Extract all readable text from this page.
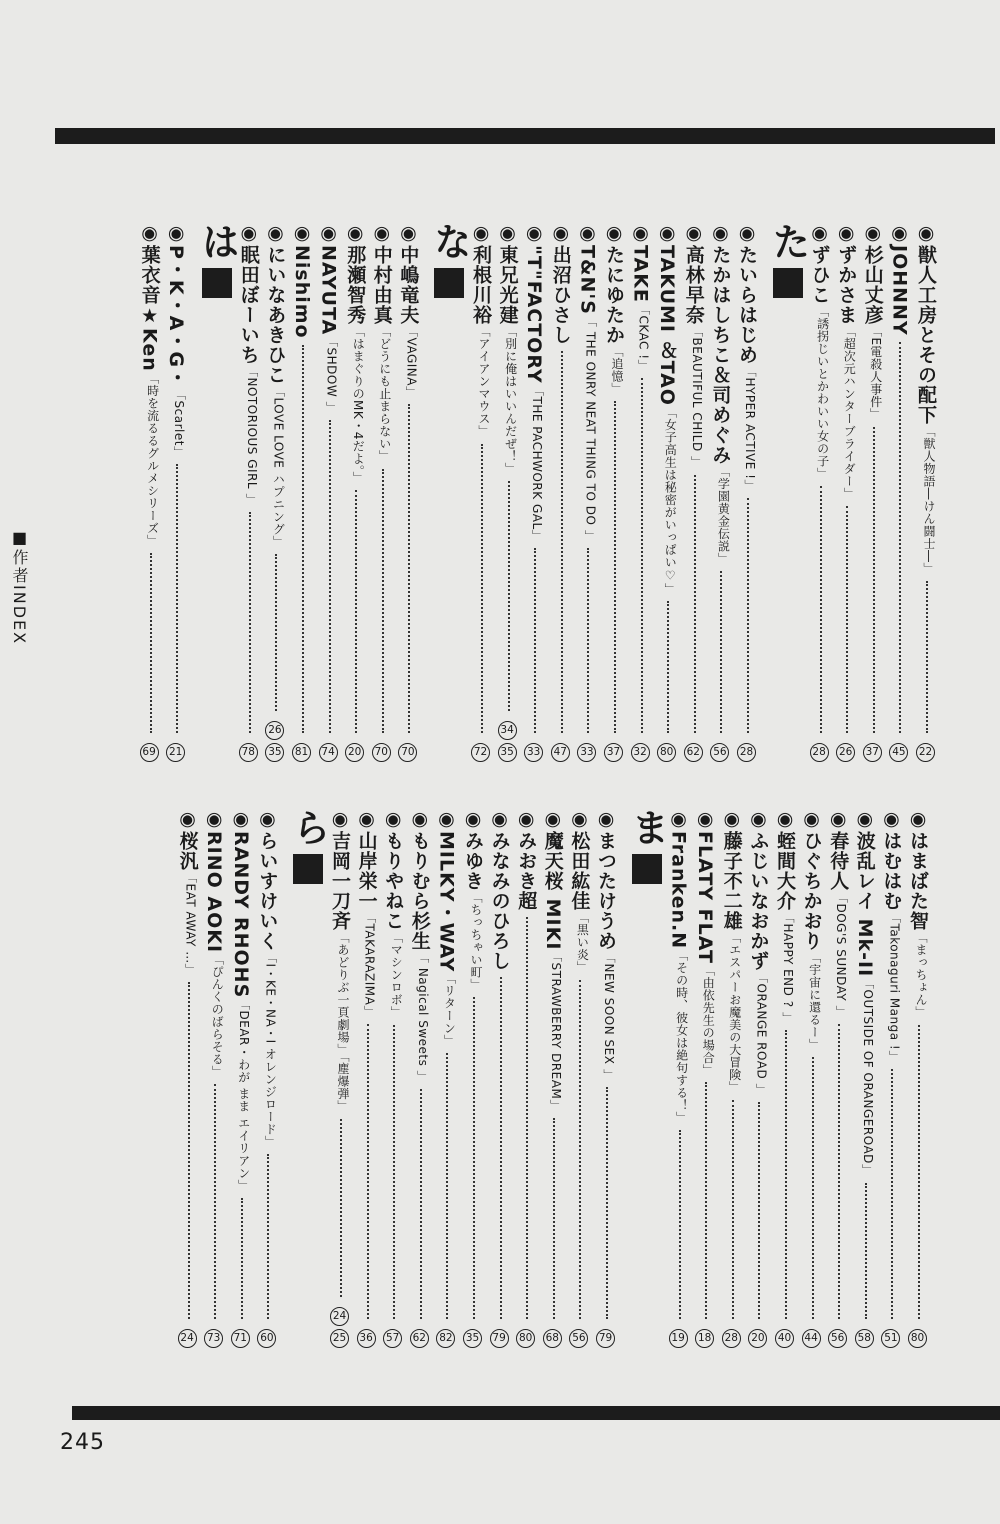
■作者INDEX
245
◉獣人工房とその配下
「獣人物語―けん闘士―」
22
◉JOHNNY
45
◉杉山丈彦
「E電殺人事件」
37
◉ずかさま
「超次元ハンターブライダー」
26
◉ずひこ
「誘拐じいとかわいい女の子」
28
た
◉たいらはじめ
「HYPER ACTIVE !」
28
◉たかはしちこ＆司めぐみ
「学園黄金伝説」
56
◉高林早奈
「BEAUTIFUL CHILD 」
62
◉TAKUMI ＆TAO
「女子高生は秘密がいっぱい♡」
80
◉TAKE
「CKAC !」
32
◉たにゆたか
「追憶」
37
◉T&N'S
「 THE ONRY NEAT THING TO DO 」
33
◉出沼ひさし
47
◉"T"FACTORY
「THE PACHWORK GAL」
33
◉東兄光建
「別に俺はいいんだぜ！」
3435
◉利根川裕
「アイアンマウス」
72
な
◉中嶋竜夫
「VAGINA」
70
◉中村由真
「どうにも止まらない」
70
◉那瀬智秀
「はまぐりのMK・4だよ。」
20
◉NAYUTA
「SHDOW 」
74
◉Nishimo
81
◉にいなあきひこ
「LOVE LOVE ハプニング」
2635
◉眠田ぼーいち
「NOTORIOUS GIRL 」
78
は
◉P・K・A・G・
「Scarlet」
21
◉葉衣音★Ken
「時を流るるグルメシリーズ」
69
◉はまばた智
「まっちょん」
80
◉はむはむ
「Takonaguri Manga !」
51
◉波乱レイ Mk-II
「OUTSIDE OF ORANGEROAD」
58
◉春待人
「DOG'S SUNDAY 」
56
◉ひぐちかおり
「宇宙に還るー」
44
◉蛭間大介
「HAPPY END ? 」
40
◉ふじいなおかず
「ORANGE ROAD 」
20
◉藤子不二雄
「エスパーお魔美の大冒険」
28
◉FLATY FLAT
「由依先生の場合」
18
◉Franken.N
「その時、彼女は絶句する！」
19
ま
◉まつたけうめ
「NEW SOON SEX 」
79
◉松田紘佳
「黒い炎」
56
◉魔天桜 MIKI
「STRAWBERRY DREAM」
68
◉みおき超
80
◉みなみのひろし
79
◉みゆき
「ちっちゃい町」
35
◉MILKY・WAY
「リターン」
82
◉もりむら杉生
「 Nagical Sweets 」
62
◉もりやねこ
「マシンロボ」
57
◉山岸栄一
「TAKARAZIMA」
36
◉吉岡一刀斉
「あどりぶ一頁劇場」「塵爆弾」
2425
ら
◉らいすけいく
「I・KE・NA・I オレンジロード」
60
◉RANDY RHOHS
「DEAR・わが まま エイリアン」
71
◉RINO AOKI
「ぴんくのばらそる」
73
◉桜汎
「EAT AWAY …」
24
